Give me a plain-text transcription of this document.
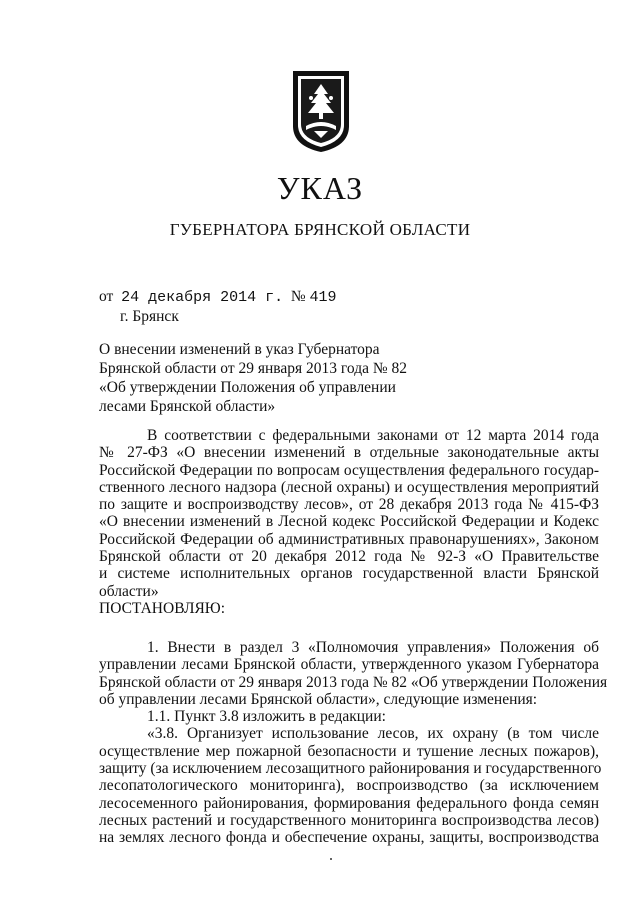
УКАЗ
ГУБЕРНАТОРА БРЯНСКОЙ ОБЛАСТИ
от 24 декабря 2014 г. № 419
г. Брянск
О внесении изменений в указ Губернатора
Брянской области от 29 января 2013 года № 82
«Об утверждении Положения об управлении
лесами Брянской области»
В соответствии с федеральными законами от 12 марта 2014 года
№ 27-ФЗ «О внесении изменений в отдельные законодательные акты
Российской Федерации по вопросам осуществления федерального государ-
ственного лесного надзора (лесной охраны) и осуществления мероприятий
по защите и воспроизводству лесов», от 28 декабря 2013 года № 415-ФЗ
«О внесении изменений в Лесной кодекс Российской Федерации и Кодекс
Российской Федерации об административных правонарушениях», Законом
Брянской области от 20 декабря 2012 года № 92-З «О Правительстве
и системе исполнительных органов государственной власти Брянской
области»
ПОСТАНОВЛЯЮ:
1. Внести в раздел 3 «Полномочия управления» Положения об
управлении лесами Брянской области, утвержденного указом Губернатора
Брянской области от 29 января 2013 года № 82 «Об утверждении Положения
об управлении лесами Брянской области», следующие изменения:
1.1. Пункт 3.8 изложить в редакции:
«3.8. Организует использование лесов, их охрану (в том числе
осуществление мер пожарной безопасности и тушение лесных пожаров),
защиту (за исключением лесозащитного районирования и государственного
лесопатологического мониторинга), воспроизводство (за исключением
лесосеменного районирования, формирования федерального фонда семян
лесных растений и государственного мониторинга воспроизводства лесов)
на землях лесного фонда и обеспечение охраны, защиты, воспроизводства
